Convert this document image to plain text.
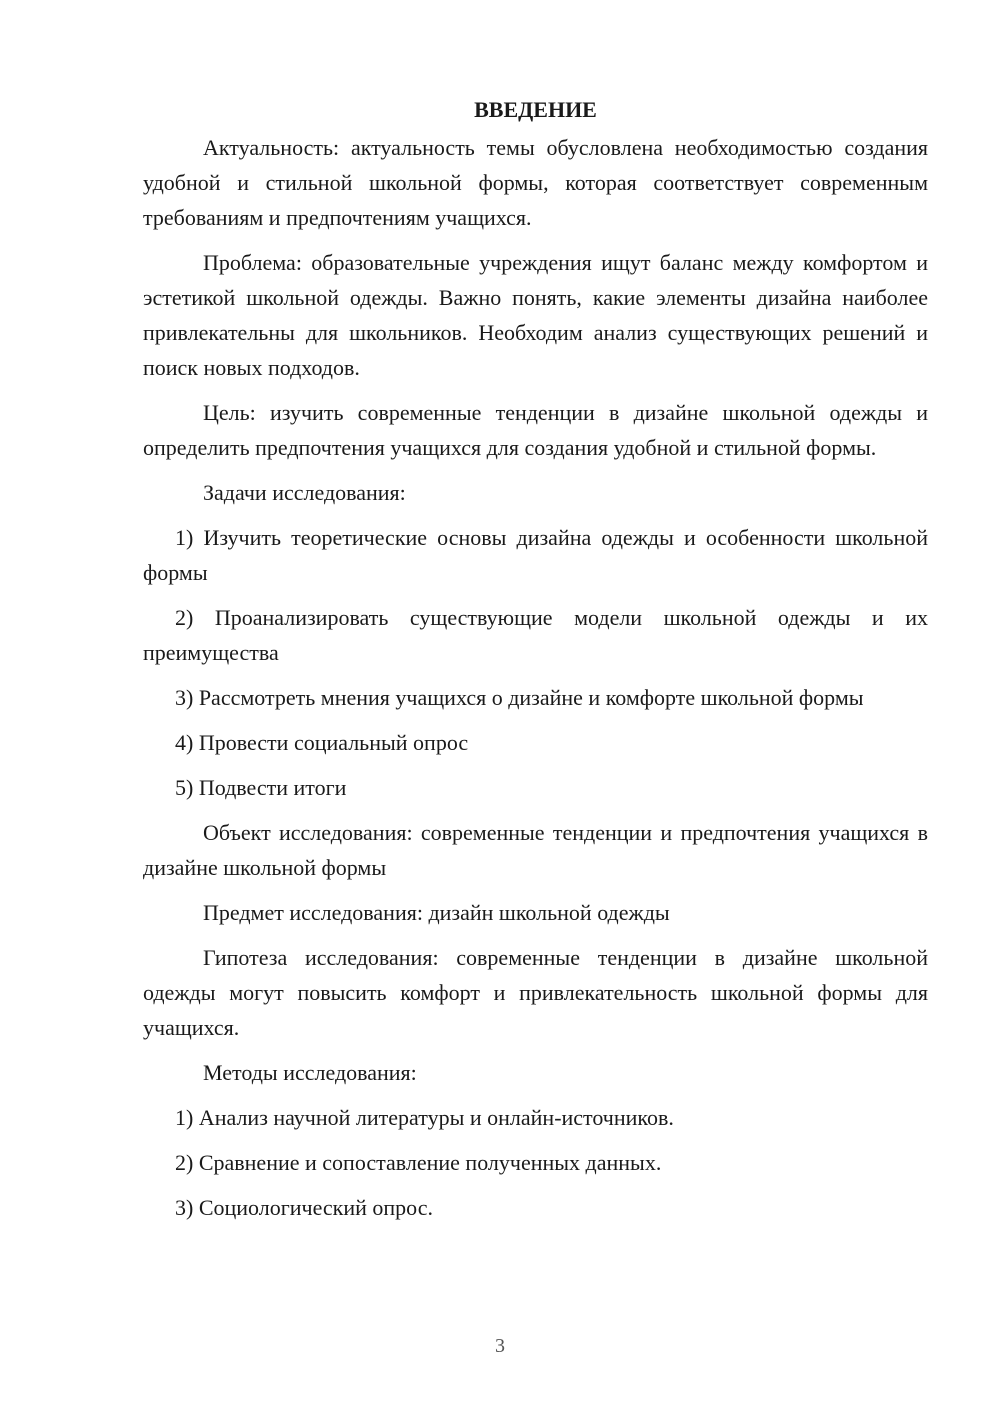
ВВЕДЕНИЕ

Актуальность: актуальность темы обусловлена необходимостью создания удобной и стильной школьной формы, которая соответствует современным требованиям и предпочтениям учащихся.

Проблема: образовательные учреждения ищут баланс между комфортом и эстетикой школьной одежды. Важно понять, какие элементы дизайна наиболее привлекательны для школьников. Необходим анализ существующих решений и поиск новых подходов.

Цель: изучить современные тенденции в дизайне школьной одежды и определить предпочтения учащихся для создания удобной и стильной формы.

Задачи исследования:

1) Изучить теоретические основы дизайна одежды и особенности школьной формы

2) Проанализировать существующие модели школьной одежды и их преимущества

3) Рассмотреть мнения учащихся о дизайне и комфорте школьной формы

4) Провести социальный опрос

5) Подвести итоги

Объект исследования: современные тенденции и предпочтения учащихся в дизайне школьной формы

Предмет исследования: дизайн школьной одежды

Гипотеза исследования: современные тенденции в дизайне школьной одежды могут повысить комфорт и привлекательность школьной формы для учащихся.

Методы исследования:

1) Анализ научной литературы и онлайн-источников.

2) Сравнение и сопоставление полученных данных.

3) Социологический опрос.

3
